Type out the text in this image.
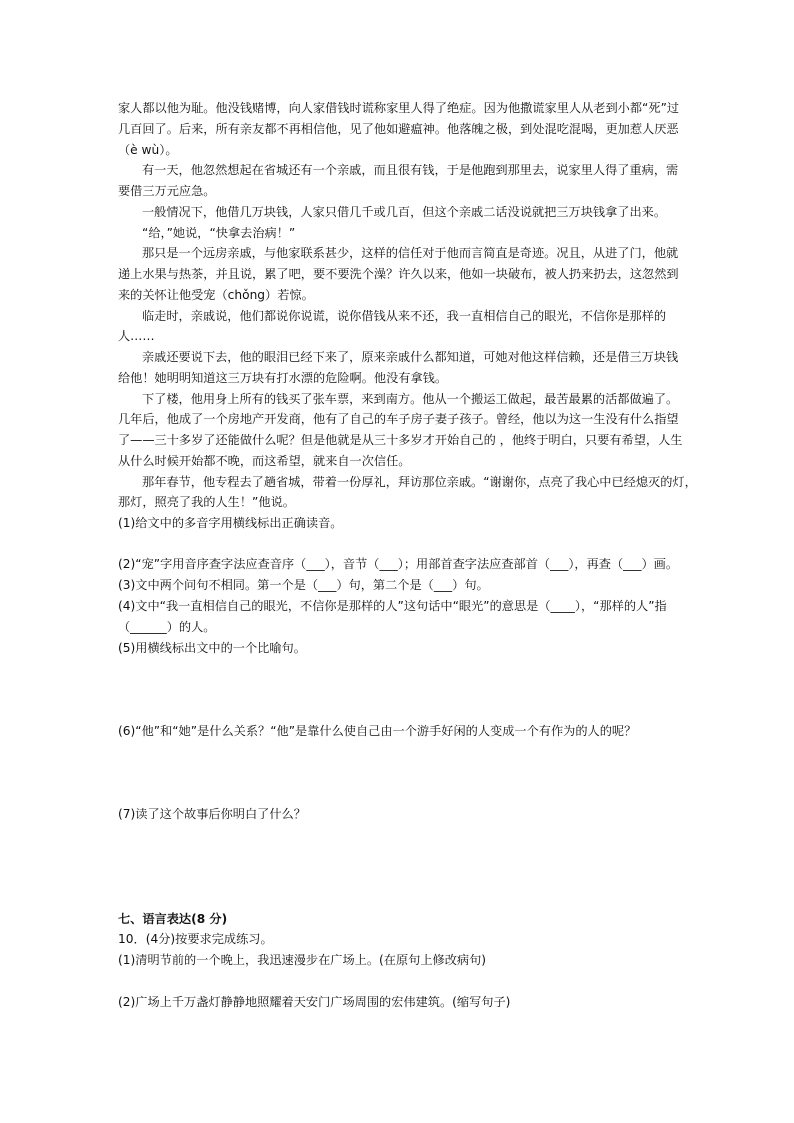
家人都以他为耻。他没钱赌博，向人家借钱时谎称家里人得了绝症。因为他撒谎家里人从老到小都“死”过
几百回了。后来，所有亲友都不再相信他，见了他如避瘟神。他落魄之极，到处混吃混喝，更加惹人厌恶
（è wù）。
有一天，他忽然想起在省城还有一个亲戚，而且很有钱，于是他跑到那里去，说家里人得了重病，需
要借三万元应急。
一般情况下，他借几万块钱，人家只借几千或几百，但这个亲戚二话没说就把三万块钱拿了出来。
“给，”她说，“快拿去治病！”
那只是一个远房亲戚，与他家联系甚少，这样的信任对于他而言简直是奇迹。况且，从进了门，他就
递上水果与热茶，并且说，累了吧，要不要洗个澡？许久以来，他如一块破布，被人扔来扔去，这忽然到
来的关怀让他受宠（chǒng）若惊。
临走时，亲戚说，他们都说你说谎，说你借钱从来不还，我一直相信自己的眼光，不信你是那样的
人……
亲戚还要说下去，他的眼泪已经下来了，原来亲戚什么都知道，可她对他这样信赖，还是借三万块钱
给他！她明明知道这三万块有打水漂的危险啊。他没有拿钱。
下了楼，他用身上所有的钱买了张车票，来到南方。他从一个搬运工做起，最苦最累的活都做遍了。
几年后，他成了一个房地产开发商，他有了自己的车子房子妻子孩子。曾经，他以为这一生没有什么指望
了——三十多岁了还能做什么呢？但是他就是从三十多岁才开始自己的 ，他终于明白，只要有希望，人生
从什么时候开始都不晚，而这希望，就来自一次信任。
那年春节，他专程去了趟省城，带着一份厚礼，拜访那位亲戚。“谢谢你，点亮了我心中已经熄灭的灯，
那灯，照亮了我的人生！”他说。
(1)给文中的多音字用横线标出正确读音。
(2)“宠”字用音序查字法应查音序（___），音节（___）；用部首查字法应查部首（___），再查（___）画。
(3)文中两个问句不相同。第一个是（___）句，第二个是（___）句。
(4)文中“我一直相信自己的眼光，不信你是那样的人”这句话中“眼光”的意思是（____），“那样的人”指
（______）的人。
(5)用横线标出文中的一个比喻句。
(6)“他”和“她”是什么关系？“他”是靠什么使自己由一个游手好闲的人变成一个有作为的人的呢？
(7)读了这个故事后你明白了什么？
七、语言表达(8 分)
10．(4分)按要求完成练习。
(1)清明节前的一个晚上，我迅速漫步在广场上。(在原句上修改病句)
(2)广场上千万盏灯静静地照耀着天安门广场周围的宏伟建筑。(缩写句子)
